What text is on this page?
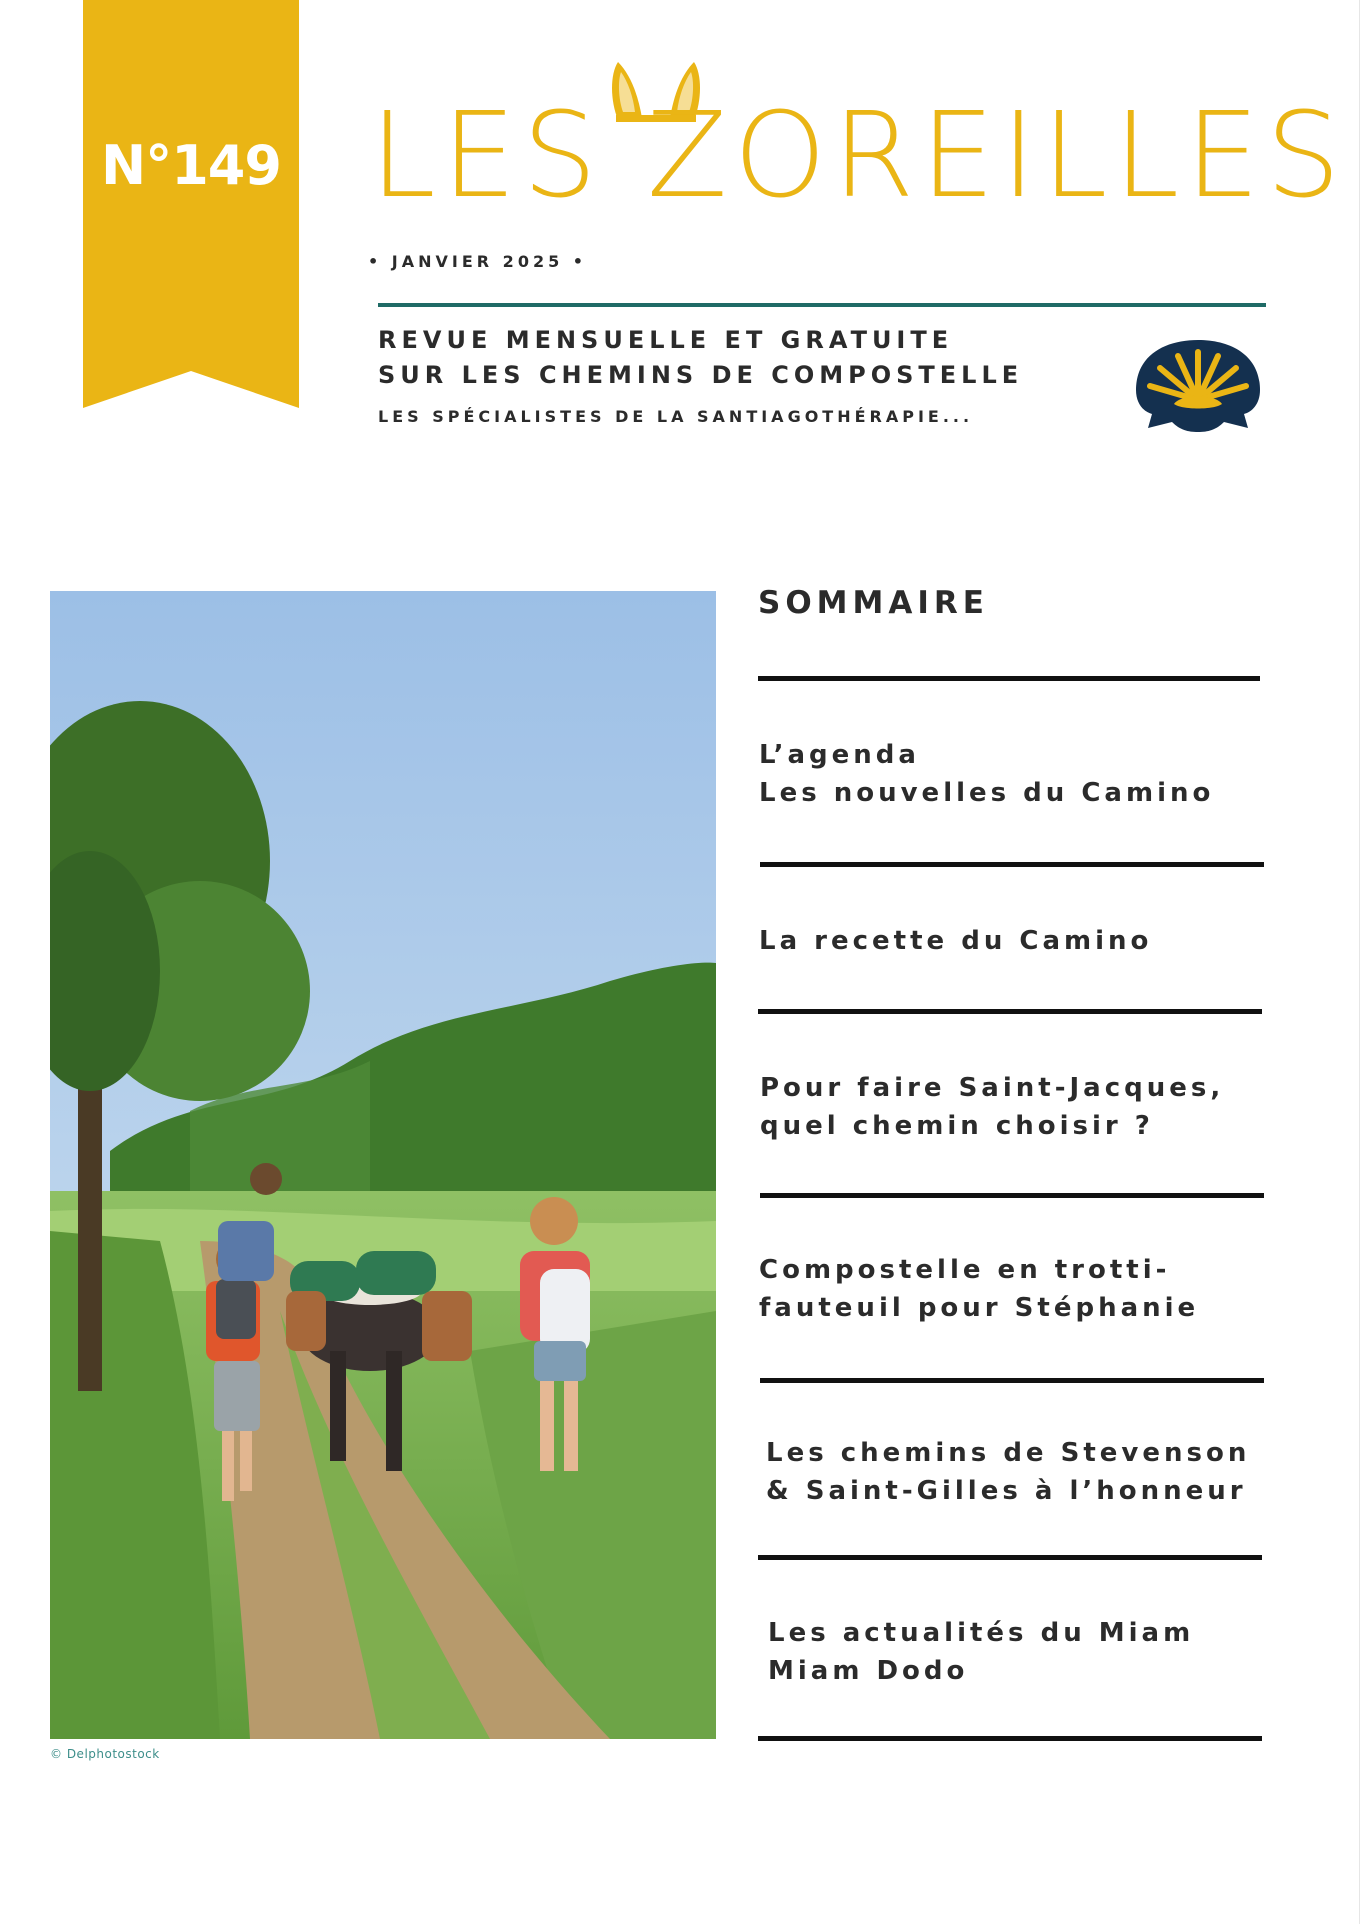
N°149 LES ZOREILLES
• JANVIER 2025 •
REVUE MENSUELLE ET GRATUITE
SUR LES CHEMINS DE COMPOSTELLE
LES SPÉCIALISTES DE LA SANTIAGOTHÉRAPIE...
© Delphotostock
SOMMAIRE
L’agenda
Les nouvelles du Camino
La recette du Camino
Pour faire Saint-Jacques,
quel chemin choisir ?
Compostelle en trotti-
fauteuil pour Stéphanie
Les chemins de Stevenson
& Saint-Gilles à l’honneur
Les actualités du Miam
Miam Dodo
